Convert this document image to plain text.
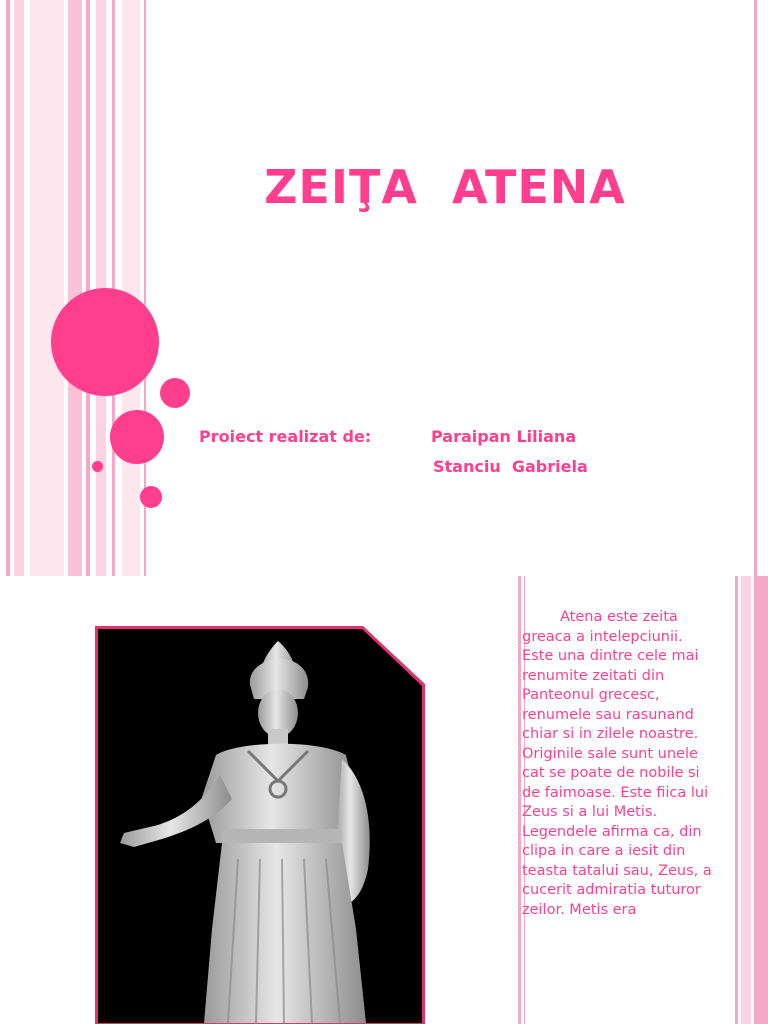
ZEIŢA  ATENA
Proiect realizat de:	Paraipan Liliana
Stanciu  Gabriela

Atena este zeita greaca a intelepciunii. Este una dintre cele mai renumite zeitati din Panteonul grecesc, renumele sau rasunand chiar si in zilele noastre. Originile sale sunt unele cat se poate de nobile si de faimoase. Este fiica lui Zeus si a lui Metis. Legendele afirma ca, din clipa in care a iesit din teasta tatalui sau, Zeus, a cucerit admiratia tuturor zeilor. Metis era
